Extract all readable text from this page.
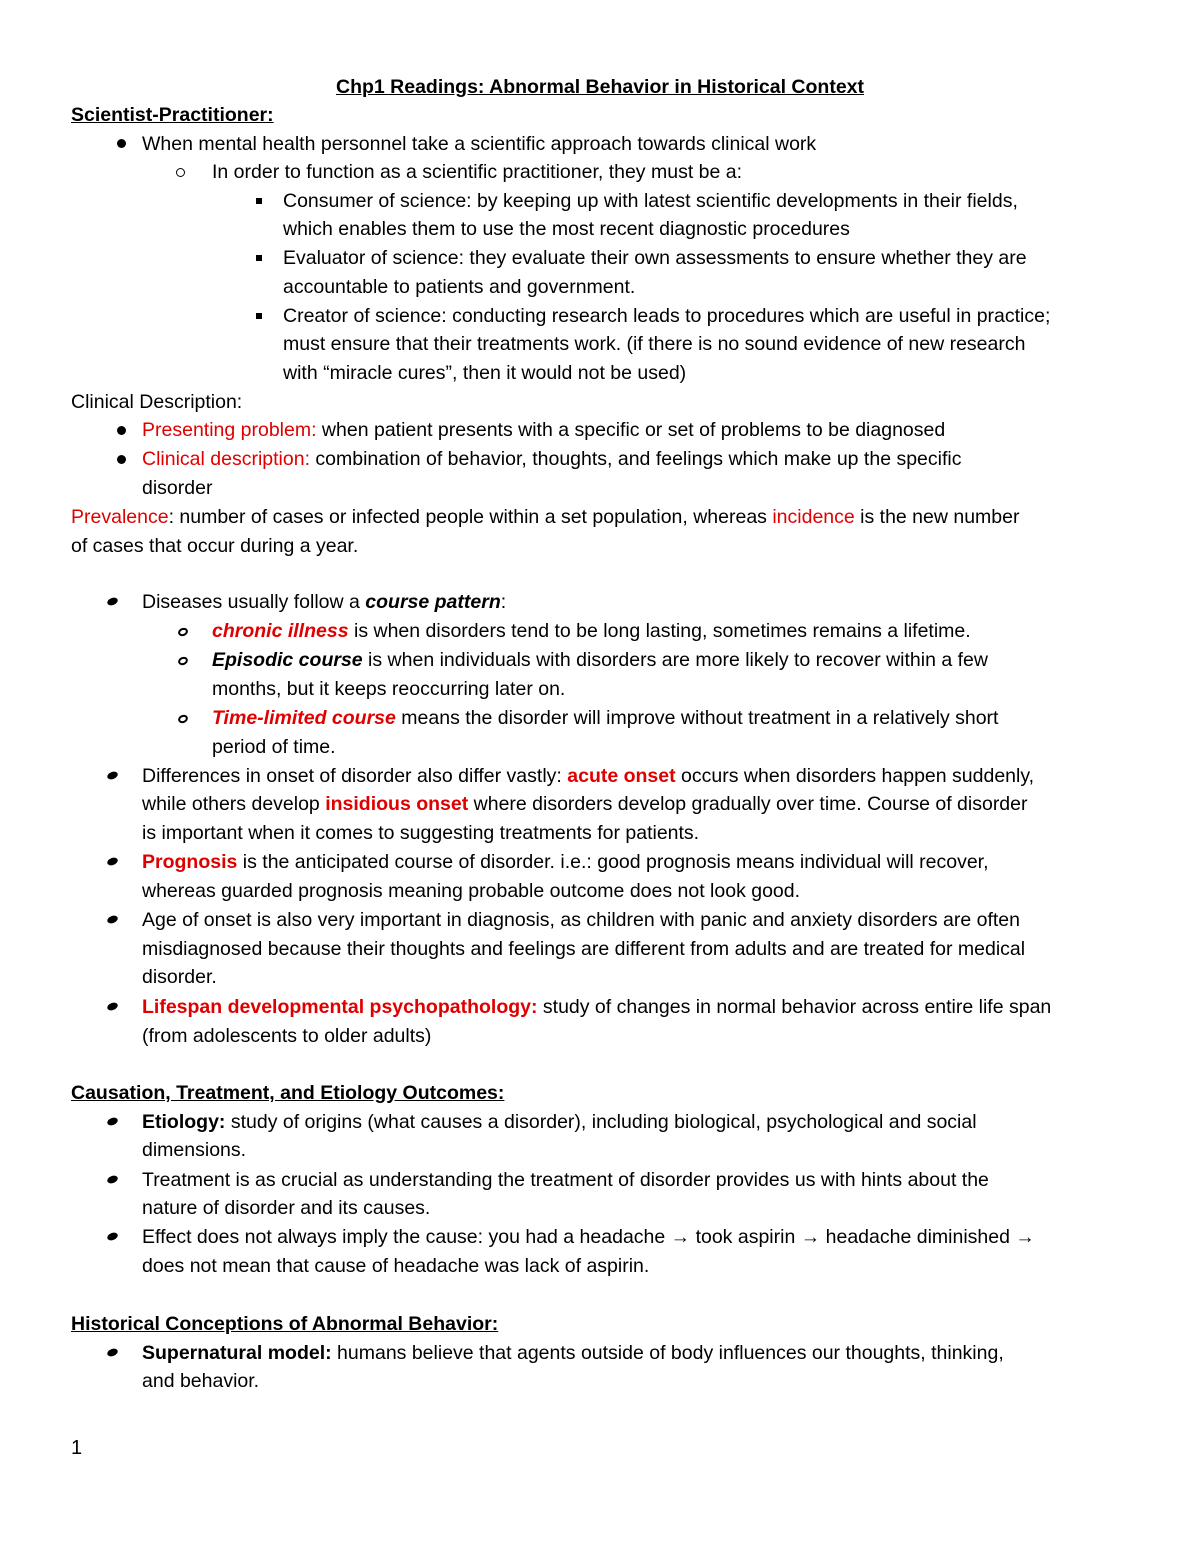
Chp1 Readings: Abnormal Behavior in Historical Context
Scientist-Practitioner:
When mental health personnel take a scientific approach towards clinical work
In order to function as a scientific practitioner, they must be a:
Consumer of science: by keeping up with latest scientific developments in their fields,
which enables them to use the most recent diagnostic procedures
Evaluator of science: they evaluate their own assessments to ensure whether they are
accountable to patients and government.
Creator of science: conducting research leads to procedures which are useful in practice;
must ensure that their treatments work. (if there is no sound evidence of new research
with “miracle cures”, then it would not be used)
Clinical Description:
Presenting problem: when patient presents with a specific or set of problems to be diagnosed
Clinical description: combination of behavior, thoughts, and feelings which make up the specific
disorder
Prevalence: number of cases or infected people within a set population, whereas incidence is the new number
of cases that occur during a year.
Diseases usually follow a course pattern:
chronic illness is when disorders tend to be long lasting, sometimes remains a lifetime.
Episodic course is when individuals with disorders are more likely to recover within a few
months, but it keeps reoccurring later on.
Time-limited course means the disorder will improve without treatment in a relatively short
period of time.
Differences in onset of disorder also differ vastly: acute onset occurs when disorders happen suddenly,
while others develop insidious onset where disorders develop gradually over time. Course of disorder
is important when it comes to suggesting treatments for patients.
Prognosis is the anticipated course of disorder. i.e.: good prognosis means individual will recover,
whereas guarded prognosis meaning probable outcome does not look good.
Age of onset is also very important in diagnosis, as children with panic and anxiety disorders are often
misdiagnosed because their thoughts and feelings are different from adults and are treated for medical
disorder.
Lifespan developmental psychopathology: study of changes in normal behavior across entire life span
(from adolescents to older adults)
Causation, Treatment, and Etiology Outcomes:
Etiology: study of origins (what causes a disorder), including biological, psychological and social
dimensions.
Treatment is as crucial as understanding the treatment of disorder provides us with hints about the
nature of disorder and its causes.
Effect does not always imply the cause: you had a headache → took aspirin → headache diminished →
does not mean that cause of headache was lack of aspirin.
Historical Conceptions of Abnormal Behavior:
Supernatural model: humans believe that agents outside of body influences our thoughts, thinking,
and behavior.
1
